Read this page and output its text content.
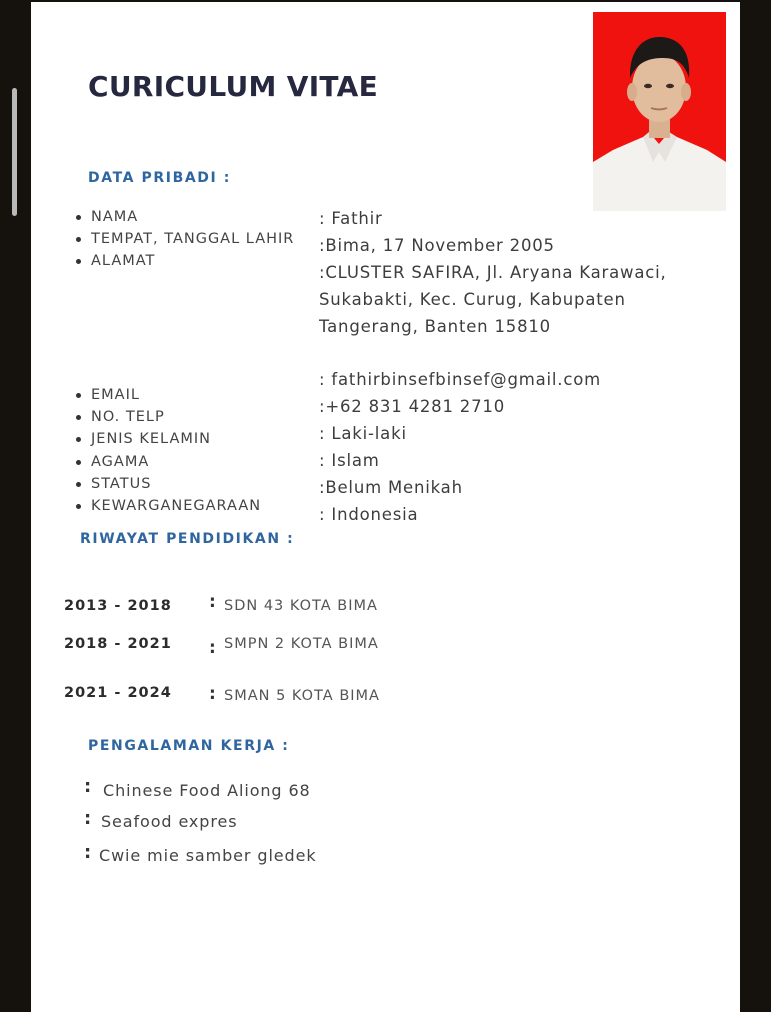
CURICULUM VITAE
DATA PRIBADI :
NAMA
TEMPAT, TANGGAL LAHIR
ALAMAT
EMAIL
NO. TELP
JENIS KELAMIN
AGAMA
STATUS
KEWARGANEGARAAN
: Fathir
:Bima, 17 November 2005
:CLUSTER SAFIRA, Jl. Aryana Karawaci,
Sukabakti, Kec. Curug, Kabupaten
Tangerang, Banten 15810
: fathirbinsefbinsef@gmail.com
:+62 831 4281 2710
: Laki-laki
: Islam
:Belum Menikah
: Indonesia
RIWAYAT PENDIDIKAN :
2013 - 2018 : SDN 43 KOTA BIMA
2018 - 2021 : SMPN 2 KOTA BIMA
2021 - 2024 : SMAN 5 KOTA BIMA
PENGALAMAN KERJA :
: Chinese Food Aliong 68
: Seafood expres
: Cwie mie samber gledek
